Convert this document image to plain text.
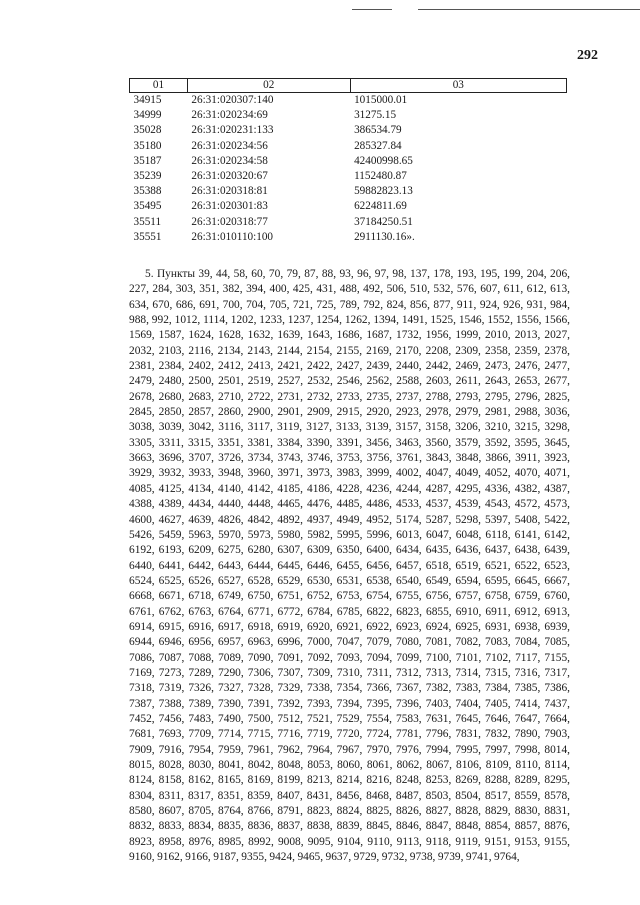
292
01	02	03
34915	26:31:020307:140	1015000.01
34999	26:31:020234:69	31275.15
35028	26:31:020231:133	386534.79
35180	26:31:020234:56	285327.84
35187	26:31:020234:58	42400998.65
35239	26:31:020320:67	1152480.87
35388	26:31:020318:81	59882823.13
35495	26:31:020301:83	6224811.69
35511	26:31:020318:77	37184250.51
35551	26:31:010110:100	2911130.16».

5. Пункты 39, 44, 58, 60, 70, 79, 87, 88, 93, 96, 97, 98, 137, 178, 193, 195, 199, 204, 206, 227, 284, 303, 351, 382, 394, 400, 425, 431, 488, 492, 506, 510, 532, 576, 607, 611, 612, 613, 634, 670, 686, 691, 700, 704, 705, 721, 725, 789, 792, 824, 856, 877, 911, 924, 926, 931, 984, 988, 992, 1012, 1114, 1202, 1233, 1237, 1254, 1262, 1394, 1491, 1525, 1546, 1552, 1556, 1566, 1569, 1587, 1624, 1628, 1632, 1639, 1643, 1686, 1687, 1732, 1956, 1999, 2010, 2013, 2027, 2032, 2103, 2116, 2134, 2143, 2144, 2154, 2155, 2169, 2170, 2208, 2309, 2358, 2359, 2378, 2381, 2384, 2402, 2412, 2413, 2421, 2422, 2427, 2439, 2440, 2442, 2469, 2473, 2476, 2477, 2479, 2480, 2500, 2501, 2519, 2527, 2532, 2546, 2562, 2588, 2603, 2611, 2643, 2653, 2677, 2678, 2680, 2683, 2710, 2722, 2731, 2732, 2733, 2735, 2737, 2788, 2793, 2795, 2796, 2825, 2845, 2850, 2857, 2860, 2900, 2901, 2909, 2915, 2920, 2923, 2978, 2979, 2981, 2988, 3036, 3038, 3039, 3042, 3116, 3117, 3119, 3127, 3133, 3139, 3157, 3158, 3206, 3210, 3215, 3298, 3305, 3311, 3315, 3351, 3381, 3384, 3390, 3391, 3456, 3463, 3560, 3579, 3592, 3595, 3645, 3663, 3696, 3707, 3726, 3734, 3743, 3746, 3753, 3756, 3761, 3843, 3848, 3866, 3911, 3923, 3929, 3932, 3933, 3948, 3960, 3971, 3973, 3983, 3999, 4002, 4047, 4049, 4052, 4070, 4071, 4085, 4125, 4134, 4140, 4142, 4185, 4186, 4228, 4236, 4244, 4287, 4295, 4336, 4382, 4387, 4388, 4389, 4434, 4440, 4448, 4465, 4476, 4485, 4486, 4533, 4537, 4539, 4543, 4572, 4573, 4600, 4627, 4639, 4826, 4842, 4892, 4937, 4949, 4952, 5174, 5287, 5298, 5397, 5408, 5422, 5426, 5459, 5963, 5970, 5973, 5980, 5982, 5995, 5996, 6013, 6047, 6048, 6118, 6141, 6142, 6192, 6193, 6209, 6275, 6280, 6307, 6309, 6350, 6400, 6434, 6435, 6436, 6437, 6438, 6439, 6440, 6441, 6442, 6443, 6444, 6445, 6446, 6455, 6456, 6457, 6518, 6519, 6521, 6522, 6523, 6524, 6525, 6526, 6527, 6528, 6529, 6530, 6531, 6538, 6540, 6549, 6594, 6595, 6645, 6667, 6668, 6671, 6718, 6749, 6750, 6751, 6752, 6753, 6754, 6755, 6756, 6757, 6758, 6759, 6760, 6761, 6762, 6763, 6764, 6771, 6772, 6784, 6785, 6822, 6823, 6855, 6910, 6911, 6912, 6913, 6914, 6915, 6916, 6917, 6918, 6919, 6920, 6921, 6922, 6923, 6924, 6925, 6931, 6938, 6939, 6944, 6946, 6956, 6957, 6963, 6996, 7000, 7047, 7079, 7080, 7081, 7082, 7083, 7084, 7085, 7086, 7087, 7088, 7089, 7090, 7091, 7092, 7093, 7094, 7099, 7100, 7101, 7102, 7117, 7155, 7169, 7273, 7289, 7290, 7306, 7307, 7309, 7310, 7311, 7312, 7313, 7314, 7315, 7316, 7317, 7318, 7319, 7326, 7327, 7328, 7329, 7338, 7354, 7366, 7367, 7382, 7383, 7384, 7385, 7386, 7387, 7388, 7389, 7390, 7391, 7392, 7393, 7394, 7395, 7396, 7403, 7404, 7405, 7414, 7437, 7452, 7456, 7483, 7490, 7500, 7512, 7521, 7529, 7554, 7583, 7631, 7645, 7646, 7647, 7664, 7681, 7693, 7709, 7714, 7715, 7716, 7719, 7720, 7724, 7781, 7796, 7831, 7832, 7890, 7903, 7909, 7916, 7954, 7959, 7961, 7962, 7964, 7967, 7970, 7976, 7994, 7995, 7997, 7998, 8014, 8015, 8028, 8030, 8041, 8042, 8048, 8053, 8060, 8061, 8062, 8067, 8106, 8109, 8110, 8114, 8124, 8158, 8162, 8165, 8169, 8199, 8213, 8214, 8216, 8248, 8253, 8269, 8288, 8289, 8295, 8304, 8311, 8317, 8351, 8359, 8407, 8431, 8456, 8468, 8487, 8503, 8504, 8517, 8559, 8578, 8580, 8607, 8705, 8764, 8766, 8791, 8823, 8824, 8825, 8826, 8827, 8828, 8829, 8830, 8831, 8832, 8833, 8834, 8835, 8836, 8837, 8838, 8839, 8845, 8846, 8847, 8848, 8854, 8857, 8876, 8923, 8958, 8976, 8985, 8992, 9008, 9095, 9104, 9110, 9113, 9118, 9119, 9151, 9153, 9155, 9160, 9162, 9166, 9187, 9355, 9424, 9465, 9637, 9729, 9732, 9738, 9739, 9741, 9764,
